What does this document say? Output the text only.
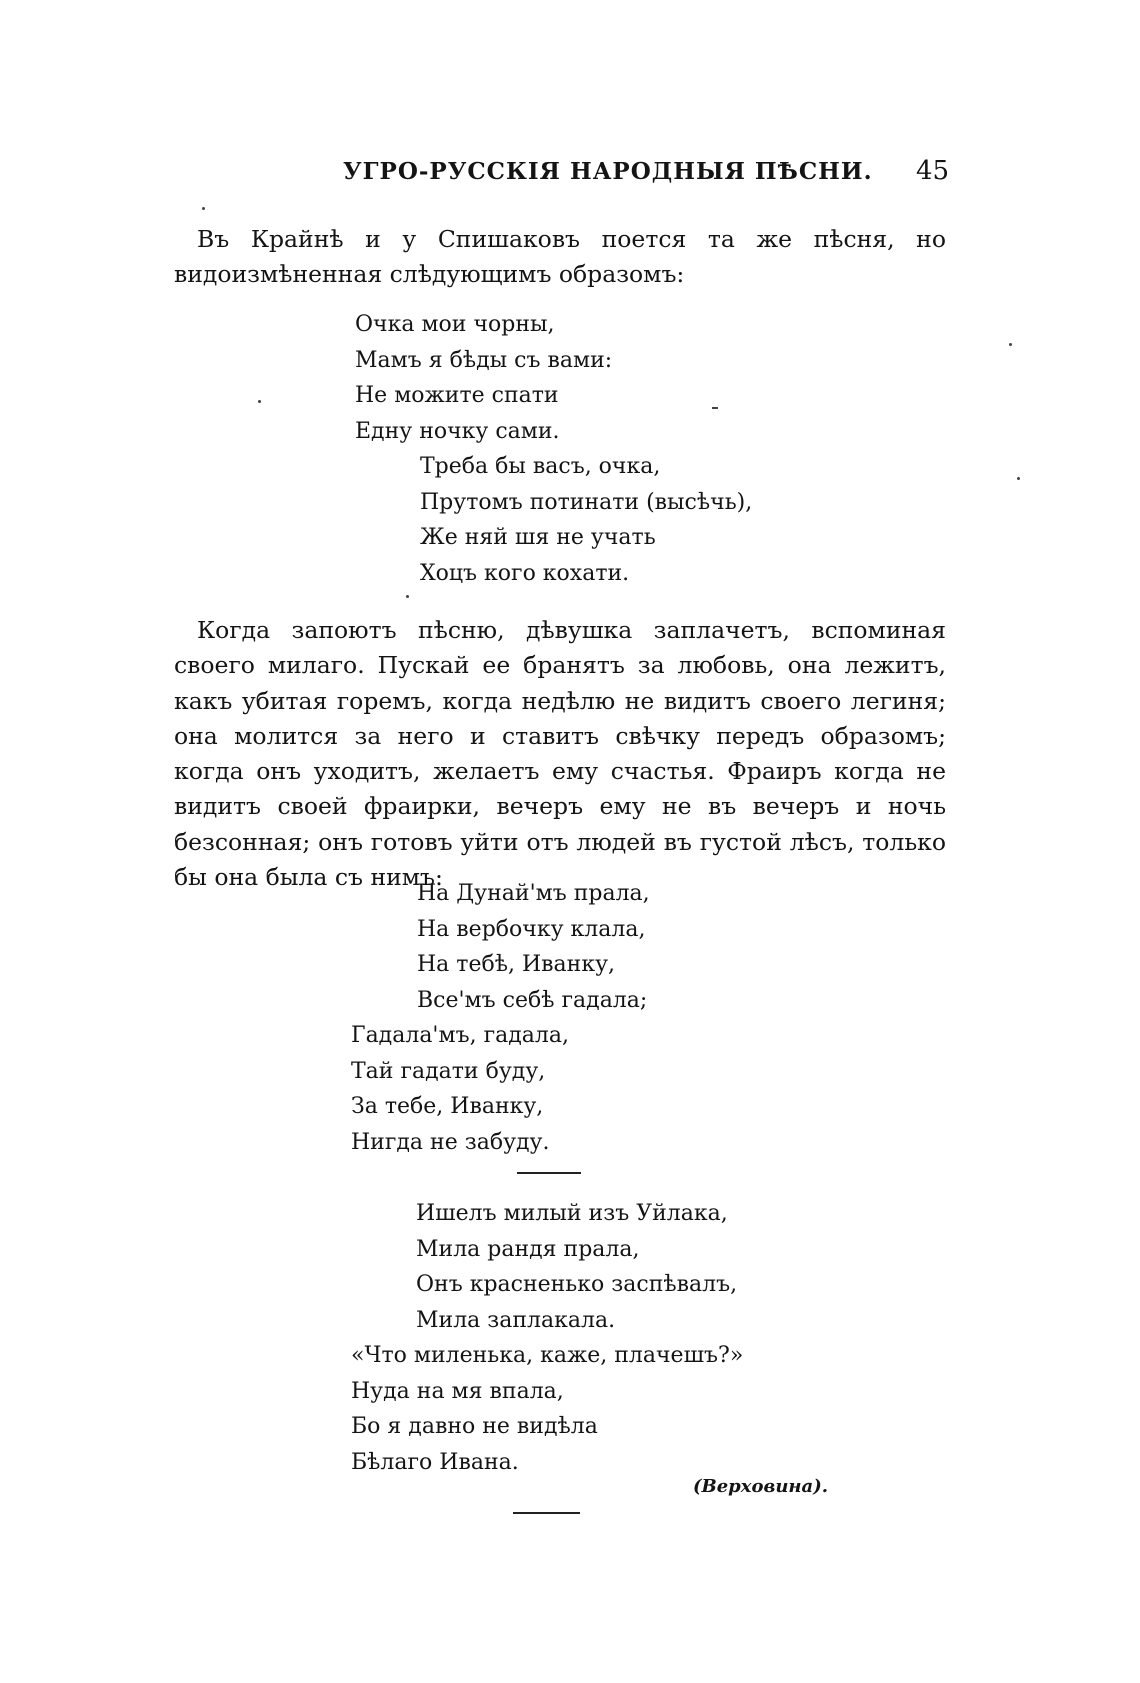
УГРО-РУССКІЯ НАРОДНЫЯ ПѢСНИ. 45

Въ Крайнѣ и у Спишаковъ поется та же пѣсня, но видоизмѣненная слѣдующимъ образомъ:

Очка мои чорны,
Мамъ я бѣды съ вами:
Не можите спати
Едну ночку сами.
Треба бы васъ, очка,
Прутомъ потинати (высѣчь),
Же няй шя не учать
Хоцъ кого кохати.

Когда запоютъ пѣсню, дѣвушка заплачетъ, вспоминая своего милаго. Пускай ее бранятъ за любовь, она лежитъ, какъ убитая горемъ, когда недѣлю не видитъ своего легиня; она молится за него и ставитъ свѣчку передъ образомъ; когда онъ уходитъ, желаетъ ему счастья. Фраиръ когда не видитъ своей фраирки, вечеръ ему не въ вечеръ и ночь безсонная; онъ готовъ уйти отъ людей въ густой лѣсъ, только бы она была съ нимъ:

На Дунай'мъ прала,
На вербочку клала,
На тебѣ, Иванку,
Все'мъ себѣ гадала;
Гадала'мъ, гадала,
Тай гадати буду,
За тебе, Иванку,
Нигда не забуду.
Ишелъ милый изъ Уйлака,
Мила рандя прала,
Онъ красненько заспѣвалъ,
Мила заплакала.
«Что миленька, каже, плачешъ?»
Нуда на мя впала,
Бо я давно не видѣла
Бѣлаго Ивана.
(Верховина).
